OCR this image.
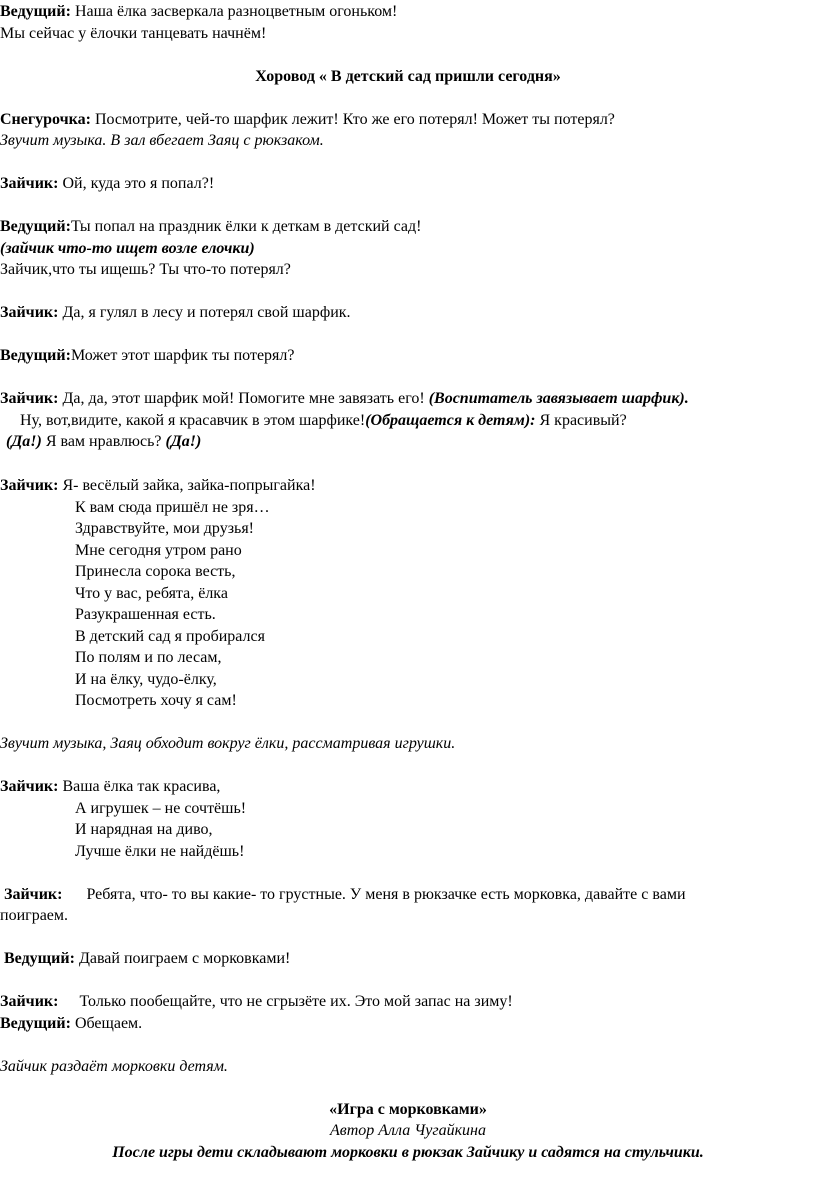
Ведущий: Наша ёлка засверкала разноцветным огоньком!
Мы сейчас у ёлочки танцевать начнём!
Хоровод « В детский сад пришли сегодня»
Снегурочка: Посмотрите, чей-то шарфик лежит! Кто же его потерял! Может ты потерял?
Звучит музыка. В зал вбегает Заяц с рюкзаком.
Зайчик: Ой, куда это я попал?!
Ведущий:Ты попал на праздник ёлки к деткам в детский сад!
(зайчик что-то ищет возле елочки)
Зайчик,что ты ищешь? Ты что-то потерял?
Зайчик: Да, я гулял в лесу и потерял свой шарфик.
Ведущий:Может этот шарфик ты потерял?
Зайчик: Да, да, этот шарфик мой! Помогите мне завязать его! (Воспитатель завязывает шарфик).
Ну, вот,видите, какой я красавчик в этом шарфике!(Обращается к детям): Я красивый?
(Да!) Я вам нравлюсь? (Да!)
Зайчик: Я- весёлый зайка, зайка-попрыгайка!
К вам сюда пришёл не зря…
Здравствуйте, мои друзья!
Мне сегодня утром рано
Принесла сорока весть,
Что у вас, ребята, ёлка
Разукрашенная есть.
В детский сад я пробирался
По полям и по лесам,
И на ёлку, чудо-ёлку,
Посмотреть хочу я сам!
Звучит музыка, Заяц обходит вокруг ёлки, рассматривая игрушки.
Зайчик: Ваша ёлка так красива,
А игрушек – не сочтёшь!
И нарядная на диво,
Лучше ёлки не найдёшь!
Зайчик: Ребята, что- то вы какие- то грустные. У меня в рюкзачке есть морковка, давайте с вами
поиграем.
Ведущий: Давай поиграем с морковками!
Зайчик: Только пообещайте, что не сгрызёте их. Это мой запас на зиму!
Ведущий: Обещаем.
Зайчик раздаёт морковки детям.
«Игра с морковками»
Автор Алла Чугайкина
После игры дети складывают морковки в рюкзак Зайчику и садятся на стульчики.
